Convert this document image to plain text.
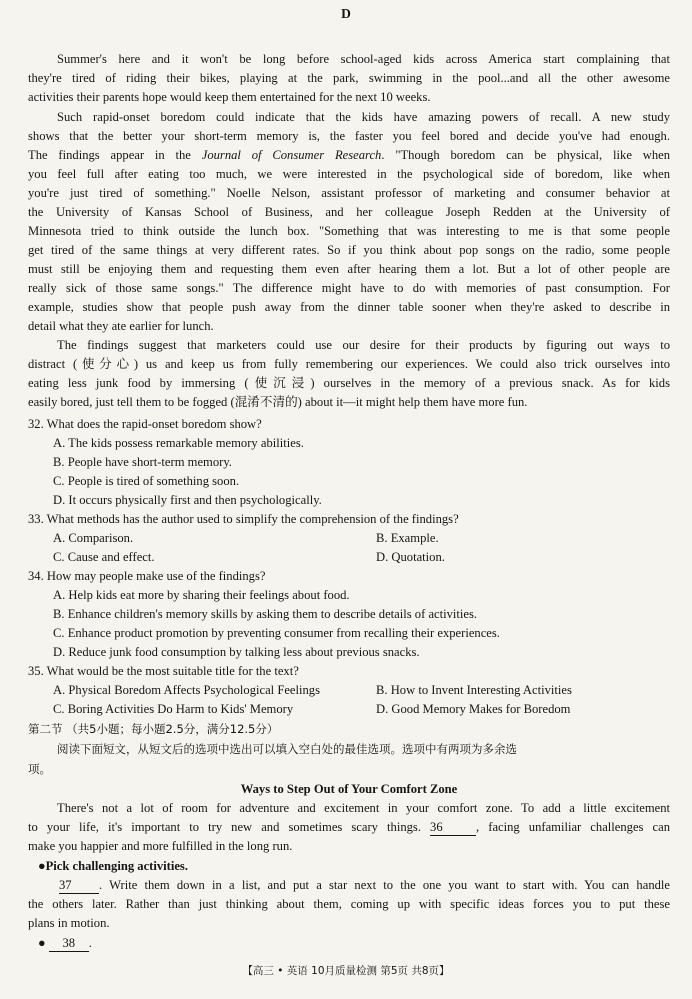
D
Summer's here and it won't be long before school-aged kids across America start complaining that
they're tired of riding their bikes, playing at the park, swimming in the pool...and all the other awesome
activities their parents hope would keep them entertained for the next 10 weeks.
Such rapid-onset boredom could indicate that the kids have amazing powers of recall. A new study
shows that the better your short-term memory is, the faster you feel bored and decide you've had enough.
The findings appear in the Journal of Consumer Research. "Though boredom can be physical, like when
you feel full after eating too much, we were interested in the psychological side of boredom, like when
you're just tired of something." Noelle Nelson, assistant professor of marketing and consumer behavior at
the University of Kansas School of Business, and her colleague Joseph Redden at the University of
Minnesota tried to think outside the lunch box. "Something that was interesting to me is that some people
get tired of the same things at very different rates. So if you think about pop songs on the radio, some people
must still be enjoying them and requesting them even after hearing them a lot. But a lot of other people are
really sick of those same songs." The difference might have to do with memories of past consumption. For
example, studies show that people push away from the dinner table sooner when they're asked to describe in
detail what they ate earlier for lunch.
The findings suggest that marketers could use our desire for their products by figuring out ways to
distract (使分心) us and keep us from fully remembering our experiences. We could also trick ourselves into
eating less junk food by immersing (使沉浸) ourselves in the memory of a previous snack. As for kids
easily bored, just tell them to be fogged (混淆不清的) about it—it might help them have more fun.
32. What does the rapid-onset boredom show?
A. The kids possess remarkable memory abilities.
B. People have short-term memory.
C. People is tired of something soon.
D. It occurs physically first and then psychologically.
33. What methods has the author used to simplify the comprehension of the findings?
A. Comparison.	B. Example.
C. Cause and effect.	D. Quotation.
34. How may people make use of the findings?
A. Help kids eat more by sharing their feelings about food.
B. Enhance children's memory skills by asking them to describe details of activities.
C. Enhance product promotion by preventing consumer from recalling their experiences.
D. Reduce junk food consumption by talking less about previous snacks.
35. What would be the most suitable title for the text?
A. Physical Boredom Affects Psychological Feelings	B. How to Invent Interesting Activities
C. Boring Activities Do Harm to Kids' Memory	D. Good Memory Makes for Boredom
第二节 （共5小题；每小题2.5分，满分12.5分）
阅读下面短文，从短文后的选项中选出可以填入空白处的最佳选项。选项中有两项为多余选
项。
Ways to Step Out of Your Comfort Zone
There's not a lot of room for adventure and excitement in your comfort zone. To add a little excitement
to your life, it's important to try new and sometimes scary things. 36	, facing unfamiliar challenges can
make you happier and more fulfilled in the long run.
●Pick challenging activities.
37 . Write them down in a list, and put a star next to the one you want to start with. You can handle
the others later. Rather than just thinking about them, coming up with specific ideas forces you to put these
plans in motion.
● 38 .
【高三 • 英语 10月质量检测 第5页 共8页】
